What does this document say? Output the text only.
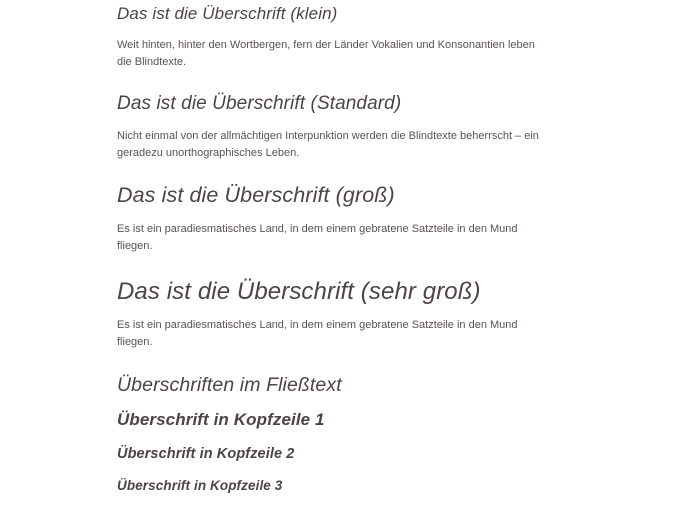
Das ist die Überschrift (klein)

Weit hinten, hinter den Wortbergen, fern der Länder Vokalien und Konsonantien leben die Blindtexte.

Das ist die Überschrift (Standard)

Nicht einmal von der allmächtigen Interpunktion werden die Blindtexte beherrscht – ein geradezu unorthographisches Leben.

Das ist die Überschrift (groß)

Es ist ein paradiesmatisches Land, in dem einem gebratene Satzteile in den Mund fliegen.

Das ist die Überschrift (sehr groß)

Es ist ein paradiesmatisches Land, in dem einem gebratene Satzteile in den Mund fliegen.

Überschriften im Fließtext
Überschrift in Kopfzeile 1
Überschrift in Kopfzeile 2
Überschrift in Kopfzeile 3
